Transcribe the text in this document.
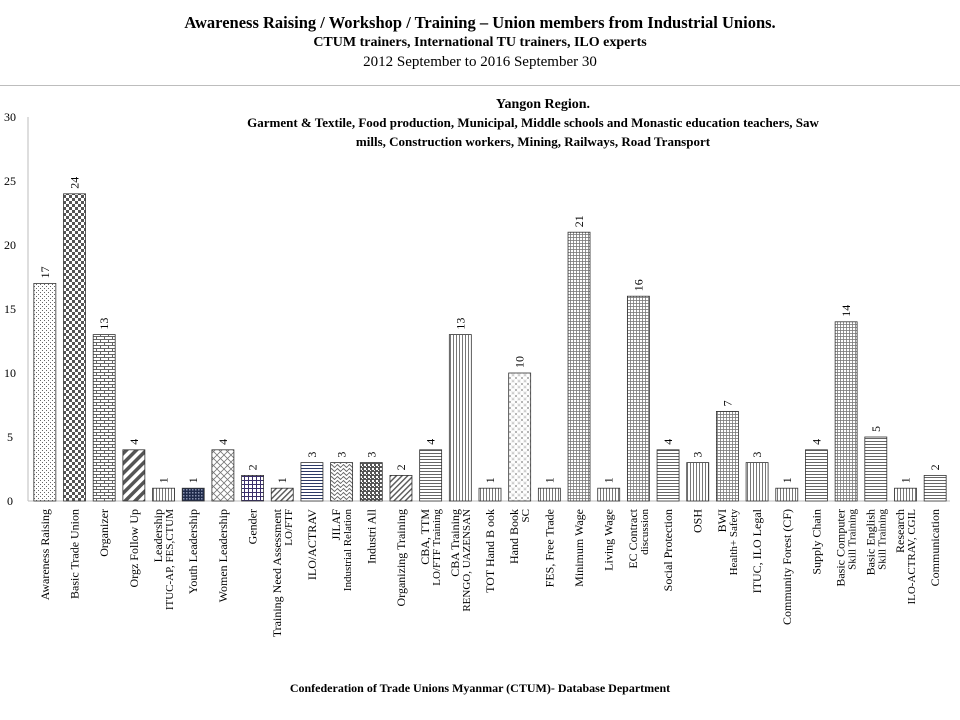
Awareness Raising / Workshop / Training – Union members from Industrial Unions.
CTUM trainers, International TU trainers, ILO experts
2012 September to 2016 September 30
Yangon Region.
Garment & Textile, Food production, Municipal, Middle schools and Monastic education teachers, Saw
mills, Construction workers, Mining, Railways, Road Transport
0
5
10
15
20
25
30
17
Awareness Raising
24
Basic Trade Union
13
Organizer
4
Orgz Follow Up
1
Leadership ITUC-AP, FES,CTUM
1
Youth Leadership
4
Women Leadership
2
Gender
1
Training Need Assessment LO/FTF
3
ILO/ACTRAV
3
JILAF Industrial Relation
3
Industri All
2
Organizing Training
4
CBA, TTM LO/FTF Training
13
CBA Training RENGO, UAZENSAN
1
TOT Hand B ook
10
Hand Book SC
1
FES, Free Trade
21
Minimum Wage
1
Living Wage
16
EC Contract discussion
4
Social Protection
3
OSH
7
BWI Health+ Safety
3
ITUC, ILO Legal
1
Community Forest (CF)
4
Supply Chain
14
Basic Computer Skill Training
5
Basic English Skill Training
1
Research ILO-ACTRAV, CGIL
2
Communication
Confederation of Trade Unions Myanmar (CTUM)- Database Department
